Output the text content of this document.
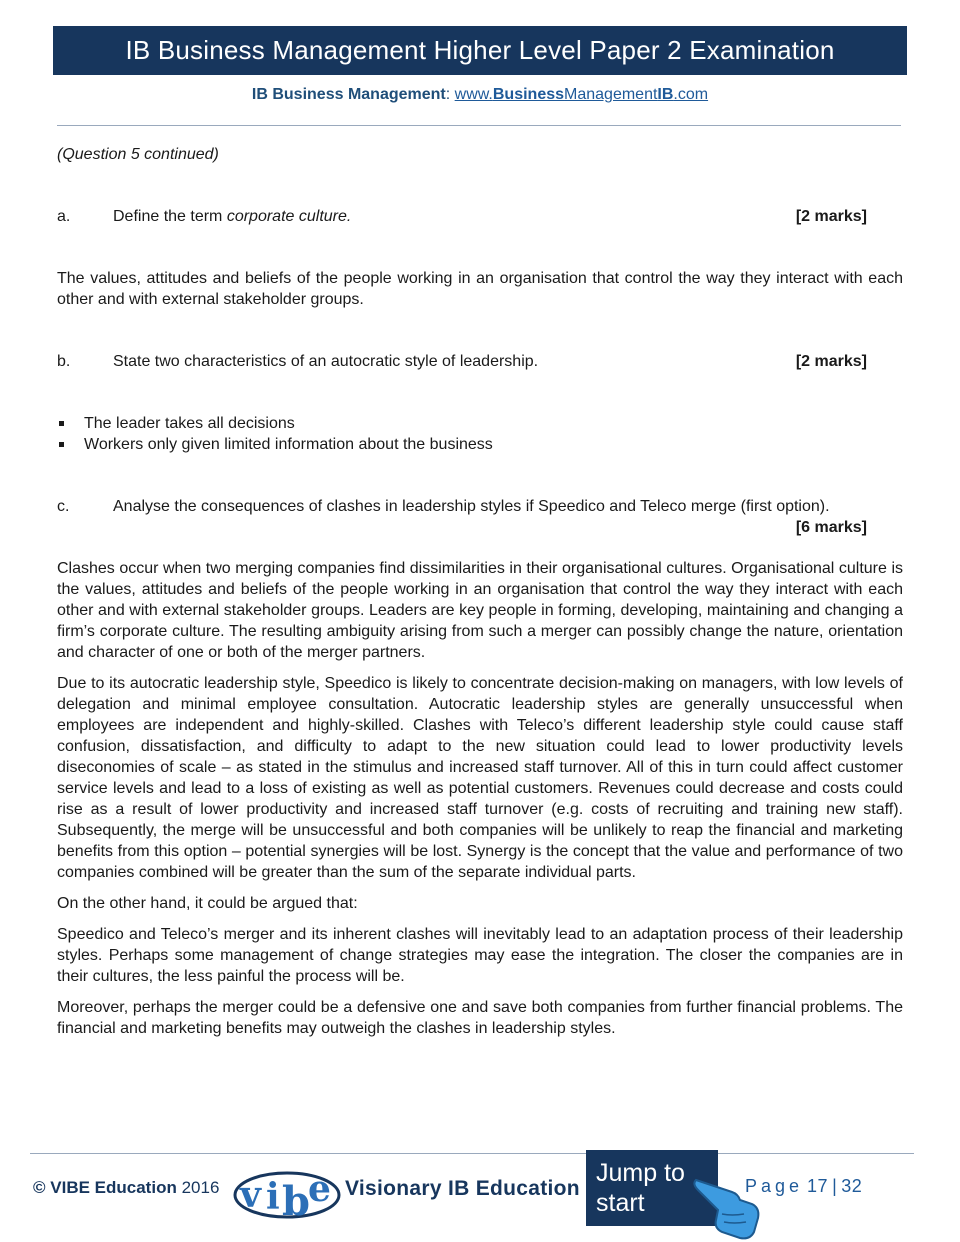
IB Business Management Higher Level Paper 2 Examination
IB Business Management: www.BusinessManagementIB.com
(Question 5 continued)
a.	Define the term corporate culture.	[2 marks]
The values, attitudes and beliefs of the people working in an organisation that control the way they interact with each other and with external stakeholder groups.
b.	State two characteristics of an autocratic style of leadership.	[2 marks]
The leader takes all decisions
Workers only given limited information about the business
c.	Analyse the consequences of clashes in leadership styles if Speedico and Teleco merge (first option).
[6 marks]

Clashes occur when two merging companies find dissimilarities in their organisational cultures. Organisational culture is the values, attitudes and beliefs of the people working in an organisation that control the way they interact with each other and with external stakeholder groups. Leaders are key people in forming, developing, maintaining and changing a firm’s corporate culture. The resulting ambiguity arising from such a merger can possibly change the nature, orientation and character of one or both of the merger partners.

Due to its autocratic leadership style, Speedico is likely to concentrate decision-making on managers, with low levels of delegation and minimal employee consultation. Autocratic leadership styles are generally unsuccessful when employees are independent and highly-skilled. Clashes with Teleco’s different leadership style could cause staff confusion, dissatisfaction, and difficulty to adapt to the new situation could lead to lower productivity levels diseconomies of scale – as stated in the stimulus and increased staff turnover. All of this in turn could affect customer service levels and lead to a loss of existing as well as potential customers. Revenues could decrease and costs could rise as a result of lower productivity and increased staff turnover (e.g. costs of recruiting and training new staff). Subsequently, the merge will be unsuccessful and both companies will be unlikely to reap the financial and marketing benefits from this option – potential synergies will be lost. Synergy is the concept that the value and performance of two companies combined will be greater than the sum of the separate individual parts.

On the other hand, it could be argued that:

Speedico and Teleco’s merger and its inherent clashes will inevitably lead to an adaptation process of their leadership styles. Perhaps some management of change strategies may ease the integration. The closer the companies are in their cultures, the less painful the process will be.

Moreover, perhaps the merger could be a defensive one and save both companies from further financial problems. The financial and marketing benefits may outweigh the clashes in leadership styles.

© VIBE Education 2016 v i b
e Visionary IB Education
Jump to
start
Page 17 | 32
